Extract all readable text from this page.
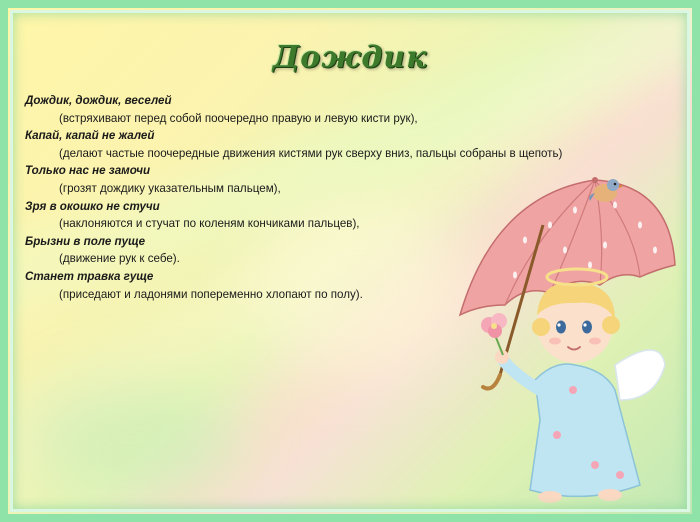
Дождик
Дождик, дождик, веселей
(встряхивают перед собой поочередно правую и левую кисти рук),
Капай, капай не жалей
(делают частые поочередные движения кистями рук сверху вниз, пальцы собраны в щепоть)
Только нас не замочи
(грозят дождику указательным пальцем),
Зря в окошко не стучи
(наклоняются и стучат по коленям кончиками пальцев),
Брызни в поле пуще
(движение рук к себе).
Станет травка гуще
(приседают и ладонями попеременно хлопают по полу).
